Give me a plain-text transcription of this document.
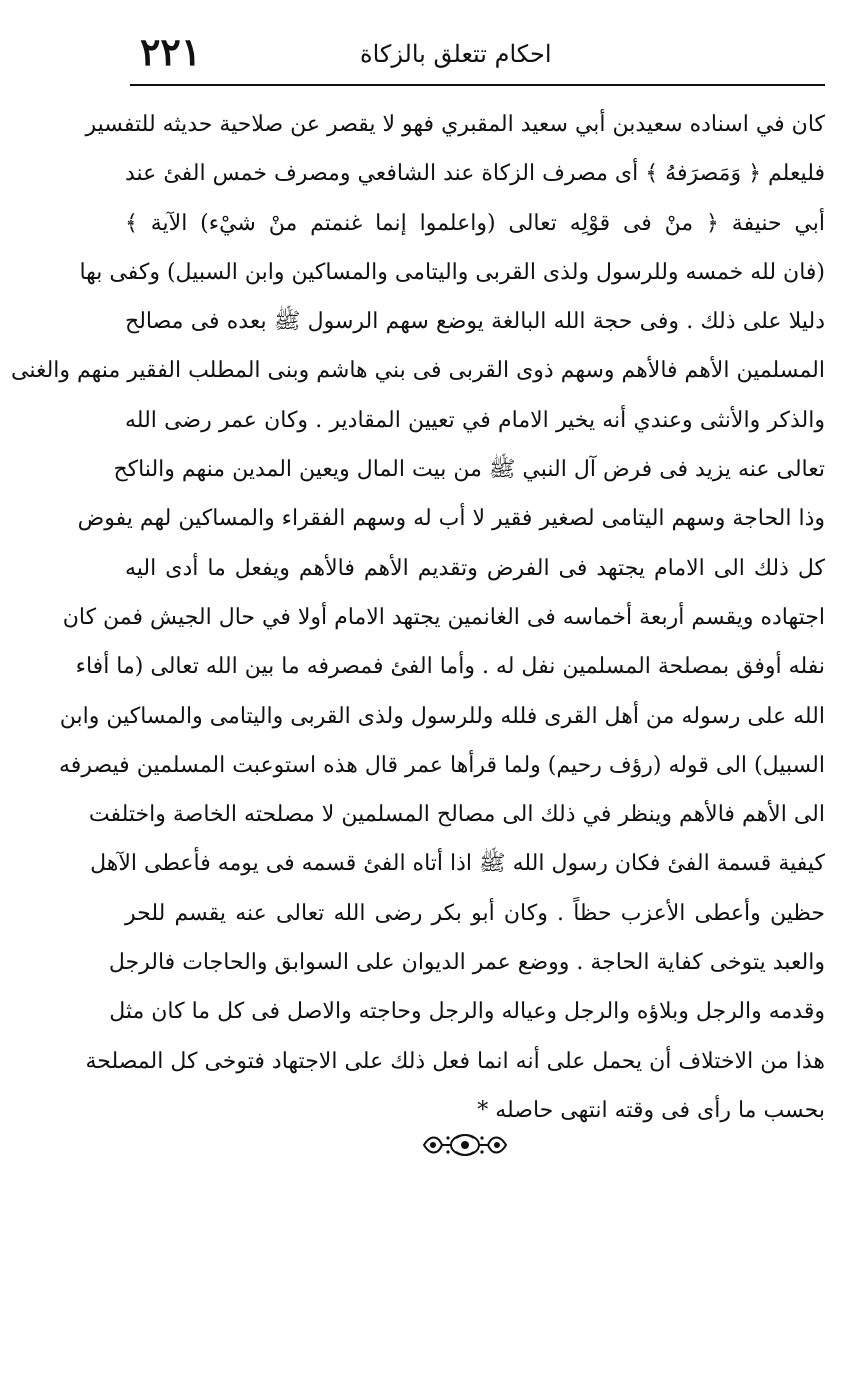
٢٢١	احكام تتعلق بالزكاة
كان في اسناده سعيدبن أبي سعيد المقبري فهو لا يقصر عن صلاحية حديثه للتفسير
فليعلم ﴿ وَمَصرَفهُ ﴾ أى مصرف الزكاة عند الشافعي ومصرف خمس الفئ عند
أبي حنيفة ﴿ منْ فى قوْلِه تعالى (واعلموا إنما غنمتم منْ شيْء) الآية ﴾
(فان لله خمسه وللرسول ولذى القربى واليتامى والمساكين وابن السبيل) وكفى بها
دليلا على ذلك . وفى حجة الله البالغة يوضع سهم الرسول ﷺ بعده فى مصالح
المسلمين الأهم فالأهم وسهم ذوى القربى فى بني هاشم وبنى المطلب الفقير منهم والغنى
والذكر والأنثى وعندي أنه يخير الامام في تعيين المقادير . وكان عمر رضى الله
تعالى عنه يزيد فى فرض آل النبي ﷺ من بيت المال ويعين المدين منهم والناكح
وذا الحاجة وسهم اليتامى لصغير فقير لا أب له وسهم الفقراء والمساكين لهم يفوض
كل ذلك الى الامام يجتهد فى الفرض وتقديم الأهم فالأهم ويفعل ما أدى اليه
اجتهاده ويقسم أربعة أخماسه فى الغانمين يجتهد الامام أولا في حال الجيش فمن كان
نفله أوفق بمصلحة المسلمين نفل له . وأما الفئ فمصرفه ما بين الله تعالى (ما أفاء
الله على رسوله من أهل القرى فلله وللرسول ولذى القربى واليتامى والمساكين وابن
السبيل) الى قوله (رؤف رحيم) ولما قرأها عمر قال هذه استوعبت المسلمين فيصرفه
الى الأهم فالأهم وينظر في ذلك الى مصالح المسلمين لا مصلحته الخاصة واختلفت
كيفية قسمة الفئ فكان رسول الله ﷺ اذا أتاه الفئ قسمه فى يومه فأعطى الآهل
حظين وأعطى الأعزب حظاً . وكان أبو بكر رضى الله تعالى عنه يقسم للحر
والعبد يتوخى كفاية الحاجة . ووضع عمر الديوان على السوابق والحاجات فالرجل
وقدمه والرجل وبلاؤه والرجل وعياله والرجل وحاجته والاصل فى كل ما كان مثل
هذا من الاختلاف أن يحمل على أنه انما فعل ذلك على الاجتهاد فتوخى كل المصلحة
بحسب ما رأى فى وقته انتهى حاصله *
